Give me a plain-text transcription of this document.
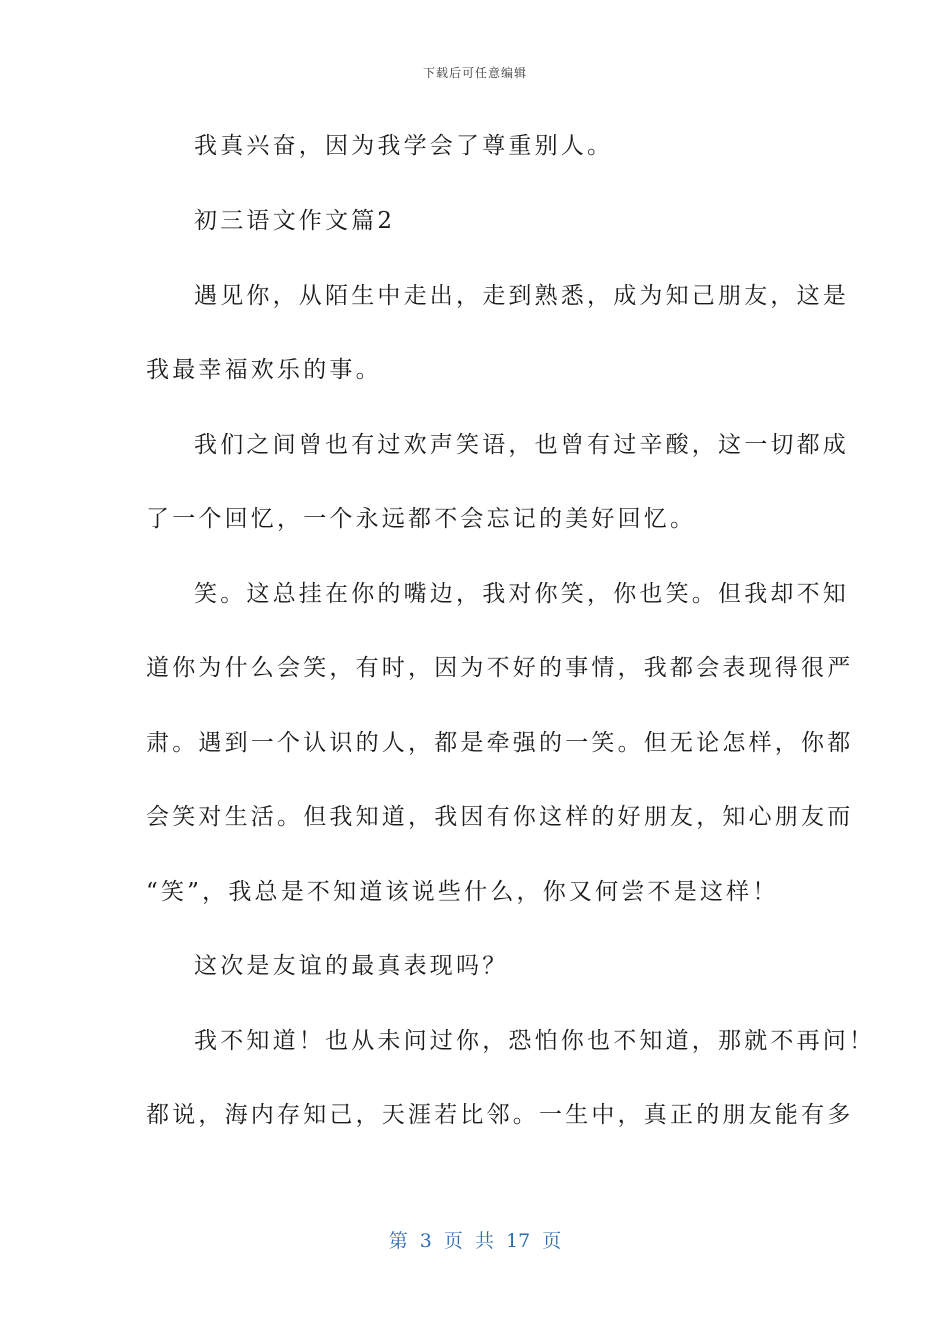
下载后可任意编辑
我真兴奋，因为我学会了尊重别人。
初三语文作文篇2
遇见你，从陌生中走出，走到熟悉，成为知己朋友，这是
我最幸福欢乐的事。
我们之间曾也有过欢声笑语，也曾有过辛酸，这一切都成
了一个回忆，一个永远都不会忘记的美好回忆。
笑。这总挂在你的嘴边，我对你笑，你也笑。但我却不知
道你为什么会笑，有时，因为不好的事情，我都会表现得很严
肃。遇到一个认识的人，都是牵强的一笑。但无论怎样，你都
会笑对生活。但我知道，我因有你这样的好朋友，知心朋友而
“笑”，我总是不知道该说些什么，你又何尝不是这样！
这次是友谊的最真表现吗？
我不知道！也从未问过你，恐怕你也不知道，那就不再问！
都说，海内存知己，天涯若比邻。一生中，真正的朋友能有多
第 3 页 共 17 页
